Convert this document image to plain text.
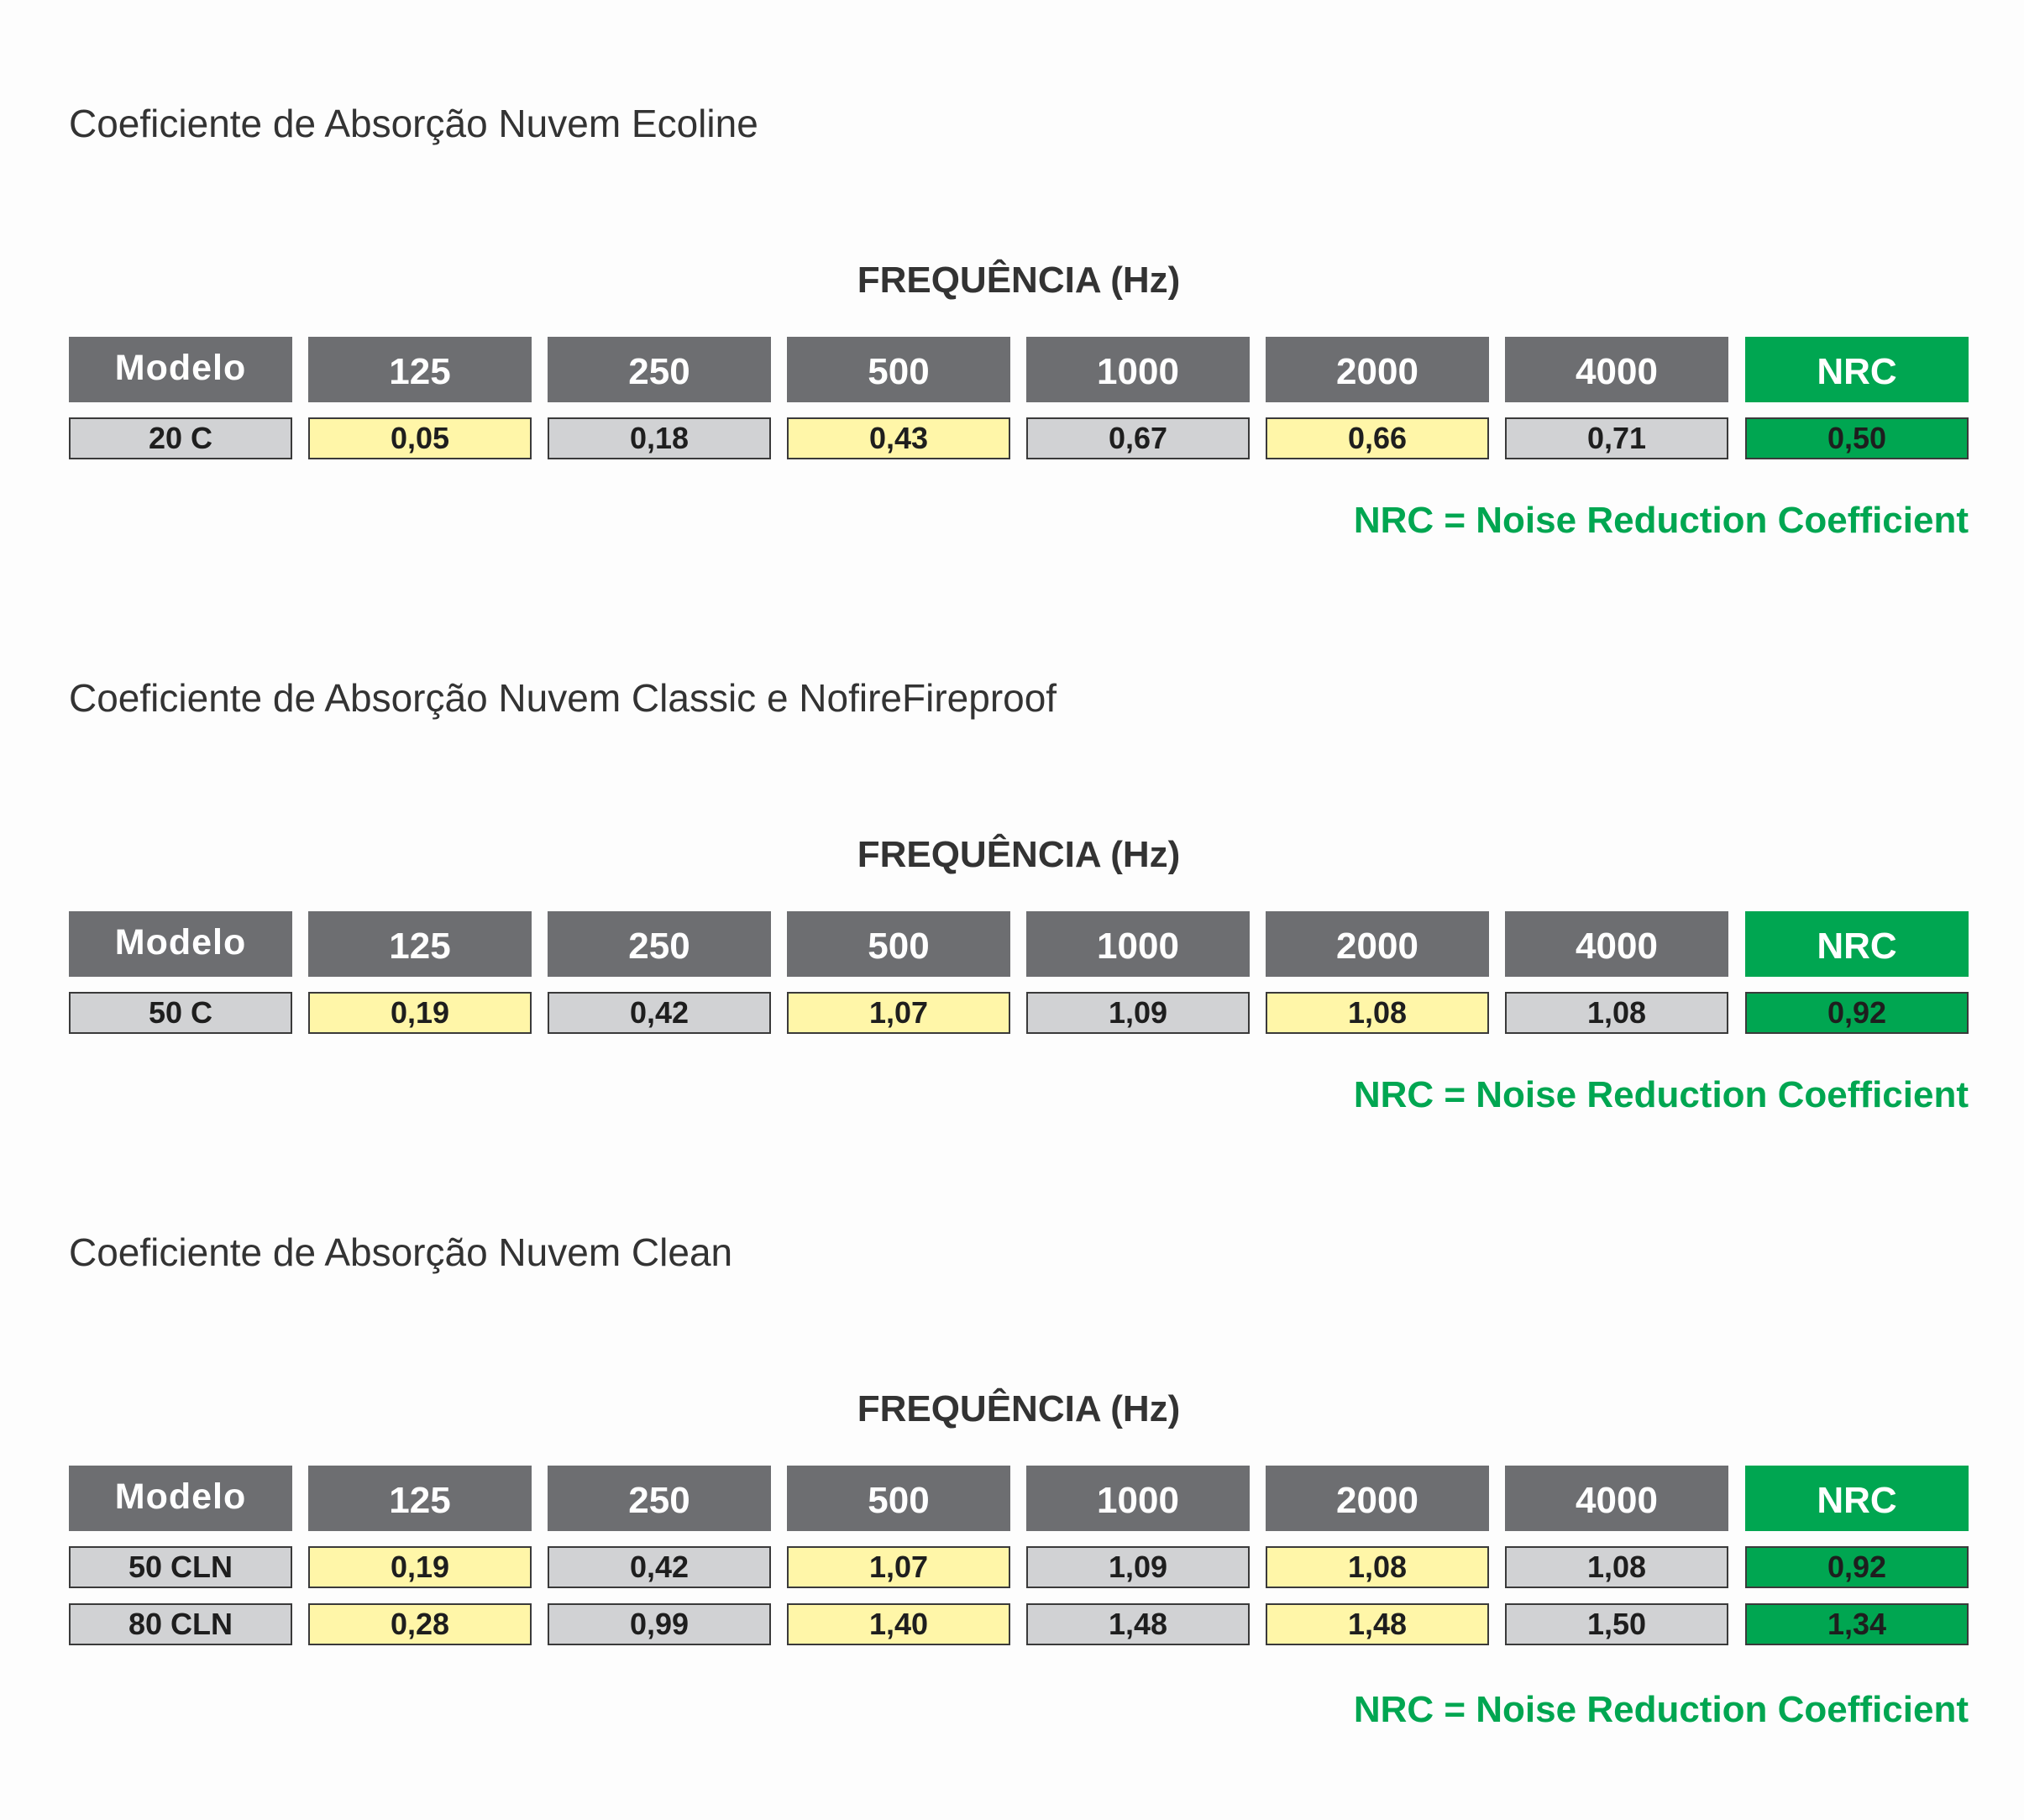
Coeficiente de Absorção Nuvem Ecoline
FREQUÊNCIA (Hz)
Modelo	125	250	500	1000	2000	4000	NRC
20 C	0,05	0,18	0,43	0,67	0,66	0,71	0,50
NRC = Noise Reduction Coefficient
Coeficiente de Absorção Nuvem Classic e NofireFireproof
FREQUÊNCIA (Hz)
Modelo	125	250	500	1000	2000	4000	NRC
50 C	0,19	0,42	1,07	1,09	1,08	1,08	0,92
NRC = Noise Reduction Coefficient
Coeficiente de Absorção Nuvem Clean
FREQUÊNCIA (Hz)
Modelo	125	250	500	1000	2000	4000	NRC
50 CLN	0,19	0,42	1,07	1,09	1,08	1,08	0,92
80 CLN	0,28	0,99	1,40	1,48	1,48	1,50	1,34
NRC = Noise Reduction Coefficient
